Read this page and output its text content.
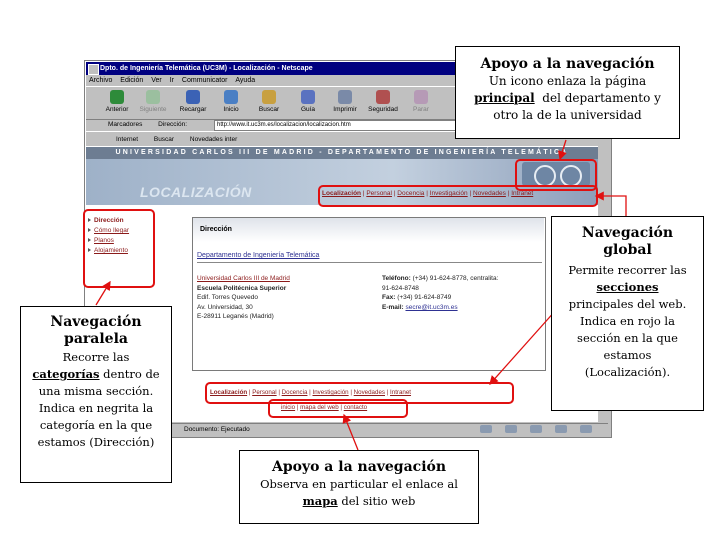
Dpto. de Ingeniería Telemática (UC3M) - Localización - Netscape
Archivo Edición Ver Ir Communicator Ayuda
Anterior	Siguiente	Recargar	Inicio	Buscar	Guía	Imprimir	Seguridad	Parar
Marcadores Dirección:	http://www.it.uc3m.es/localizacion/localizacion.htm
Internet Buscar Novedades inter
UNIVERSIDAD CARLOS III DE MADRID - DEPARTAMENTO DE INGENIERÍA TELEMÁTICA
LOCALIZACIÓN	Localización | Personal | Docencia | Investigación | Novedades | Intranet
Dirección
Cómo llegar
Planos
Alojamiento
Dirección
Departamento de Ingeniería Telemática
Universidad Carlos III de Madrid
Escuela Politécnica Superior
Edif. Torres Quevedo
Av. Universidad, 30
E-28911 Leganés (Madrid)
Teléfono: (+34) 91-624-8778, centralita:
91-624-8748
Fax: (+34) 91-624-8749
E-mail: secre@it.uc3m.es
Localización | Personal | Docencia | Investigación | Novedades | Intranet
inicio | mapa del web | contacto
Documento: Ejecutado
Apoyo a la navegación
Un icono enlaza la página
principal del departamento y
otro la de la universidad
Navegación
global
Permite recorrer las
secciones
principales del web.
Indica en rojo la
sección en la que
estamos
(Localización).
Navegación
paralela
Recorre las
categorías dentro de
una misma sección.
Indica en negrita la
categoría en la que
estamos (Dirección)
Apoyo a la navegación
Observa en particular el enlace al
mapa del sitio web
